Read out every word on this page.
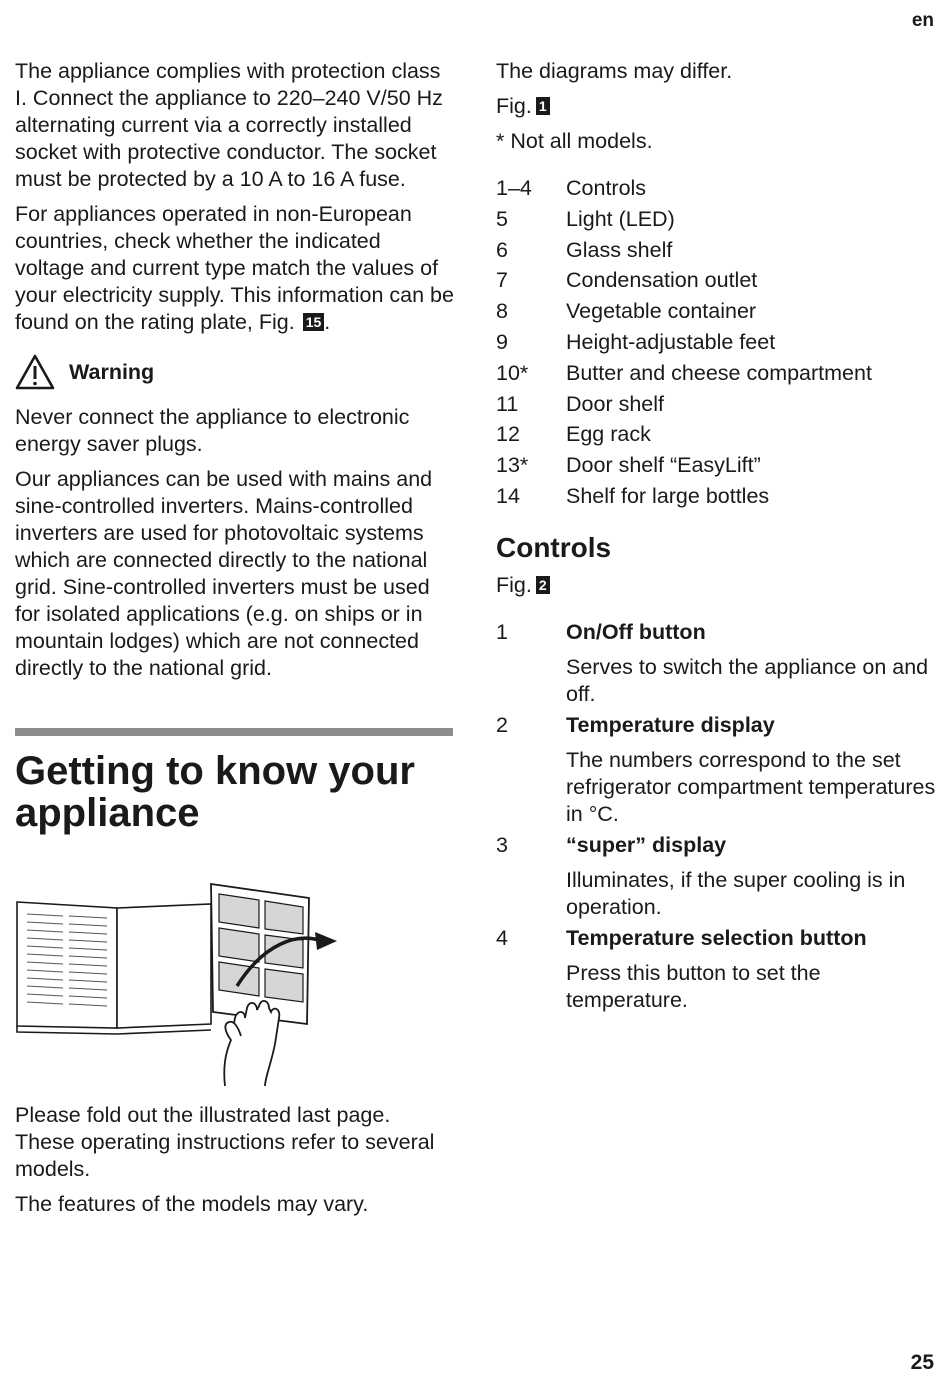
en

The appliance complies with protection class I. Connect the appliance to 220–240 V/50 Hz alternating current via a correctly installed socket with protective conductor. The socket must be protected by a 10 A to 16 A fuse.

For appliances operated in non-European countries, check whether the indicated voltage and current type match the values of your electricity supply. This information can be found on the rating plate, Fig. 15 .

Warning

Never connect the appliance to electronic energy saver plugs.

Our appliances can be used with mains and sine-controlled inverters. Mains-controlled inverters are used for photovoltaic systems which are connected directly to the national grid. Sine-controlled inverters must be used for isolated applications (e.g. on ships or in mountain lodges) which are not connected directly to the national grid.

Getting to know your appliance

Please fold out the illustrated last page. These operating instructions refer to several models.

The features of the models may vary.

The diagrams may differ.

Fig. 1

* Not all models.

1–4	Controls
5	Light (LED)
6	Glass shelf
7	Condensation outlet
8	Vegetable container
9	Height-adjustable feet
10*	Butter and cheese compartment
11	Door shelf
12	Egg rack
13*	Door shelf “EasyLift”
14	Shelf for large bottles
Controls

Fig. 2

1	On/Off button
Serves to switch the appliance on and off.
2	Temperature display
The numbers correspond to the set refrigerator compartment temperatures in °C.
3	“super” display
Illuminates, if the super cooling is in operation.
4	Temperature selection button
Press this button to set the temperature.
25
